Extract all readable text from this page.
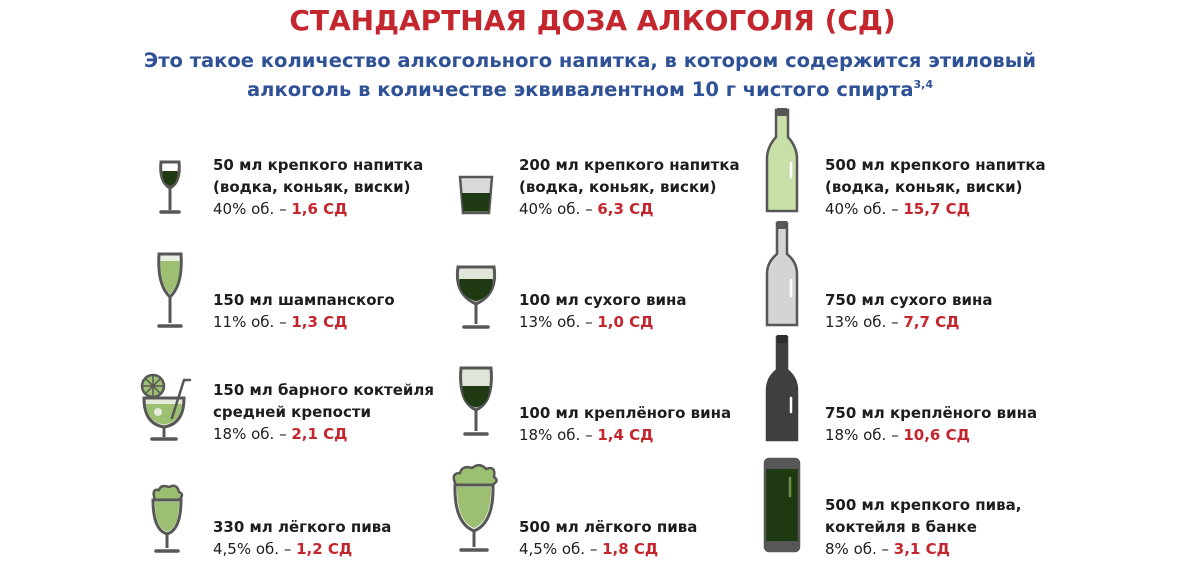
СТАНДАРТНАЯ ДОЗА АЛКОГОЛЯ (СД)
Это такое количество алкогольного напитка, в котором содержится этиловый
алкоголь в количестве эквивалентном 10 г чистого спирта$^{3,4}$
50 мл крепкого напитка
(водка, коньяк, виски)
40% об. – 1,6 СД
200 мл крепкого напитка
(водка, коньяк, виски)
40% об. – 6,3 СД
500 мл крепкого напитка
(водка, коньяк, виски)
40% об. – 15,7 СД
150 мл шампанского
11% об. – 1,3 СД
100 мл сухого вина
13% об. – 1,0 СД
750 мл сухого вина
13% об. – 7,7 СД
150 мл барного коктейля
средней крепости
18% об. – 2,1 СД
100 мл креплёного вина
18% об. – 1,4 СД
750 мл креплёного вина
18% об. – 10,6 СД
330 мл лёгкого пива
4,5% об. – 1,2 СД
500 мл лёгкого пива
4,5% об. – 1,8 СД
500 мл крепкого пива,
коктейля в банке
8% об. – 3,1 СД
